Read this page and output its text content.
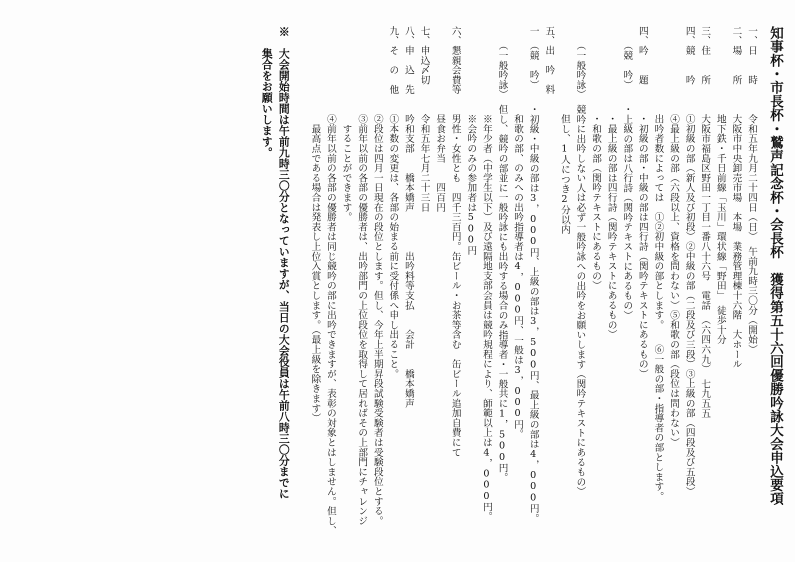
知事杯・市長杯・鷲声記念杯・会長杯　獲得第五十六回優勝吟詠大会申込要項
一、日　　時　　　令和五年九月二十四日（日）　午前九時三〇分（開始）
二、場　　所　　　大阪市中央卸売市場　本場　業務管理棟十六階　大ホール
　　　　　　　　　地下鉄・千日前線「玉川」環状線「野田」　徒歩十分
三、住　　所　　　大阪市福島区野田一丁目一番八十六号　電話　（六四六九）　七九五五
四、競　　吟　　　①初級の部（新人及び初段）②中級の部（二段及び三段）③上級の部（四段及び五段）
　　　　　　　　　④最上級の部（六段以上、資格を問わない）⑤和歌の部（段位は問わない）
　　　　　　　　　出吟者数によっては　①②初中級の部とします。　　⑥一般の部・指導者の部とします。
四、吟　　題　　　・初級の部・中級の部は四行詩（関吟テキストにあるもの）
　　（競　吟）　　・上級の部は八行詩（関吟テキストにあるもの）
　　　　　　　　　・最上級の部は四行詩（関吟テキストにあるもの）
　　　　　　　　　・和歌の部（関吟テキストにあるもの）
　　（一般吟詠）　競吟に出吟しない人は必ず一般吟詠への出吟をお願いします（関吟テキストにあるもの）
　　　　　　　　　但し、1人につき2分以内
五、出　吟　料　　
一　（競　吟）　　・初級・中級の部は3，000円、上級の部は3，500円、最上級の部は4，000円。
　　　　　　　　　和歌の部、のみへの出吟指導者は4，000円、一般は3，000円。
　　（一般吟詠）　但し、競吟の部並に一般吟詠にも出吟する場合のみ指導者・一般共に1，500円。
　　　　　　　　　※年少者（中学生以下）及び遠隔地支部会員は競吟規程により、師範以上は4，000円。
　　　　　　　　　※会吟のみの参加者は500円
六、懇親会費等　　男性・女性とも　四千三百円。缶ビール・お茶等含む　缶ビール追加自費にて
　　　　　　　　　昼食お弁当　　四百円
七、申込〆切　　　令和五年七月二十三日
八、申　込　先　　吟和支部　　橋本嬌声　　　　出吟料等支払　　会計　　橋本嬌声
九、そ　の　他　　①本数の変更は、各部の始まる前に受付係へ申し出ること。
　　　　　　　　　②段位は四月一日現在の段位とします。但し、今年上半期昇段試験受験者は受験段位とする。
　　　　　　　　　③前年以前の各部の優勝者は、出吟部門の上位段位を取得して居ればその上部門にチャレンジ
　　　　　　　　　　することができます。
　　　　　　　　　④前年以前の各部の優勝者は同じ競吟の部に出吟できますが、表彰の対象とはしません。但し、
　　　　　　　　　　最高点である場合は発表し上位入賞とします。（最上級を除きます）
※　大会開始時間は午前九時三〇分となっていますが、当日の大会役員は午前八時三〇分までに
　　集合をお願いします。
